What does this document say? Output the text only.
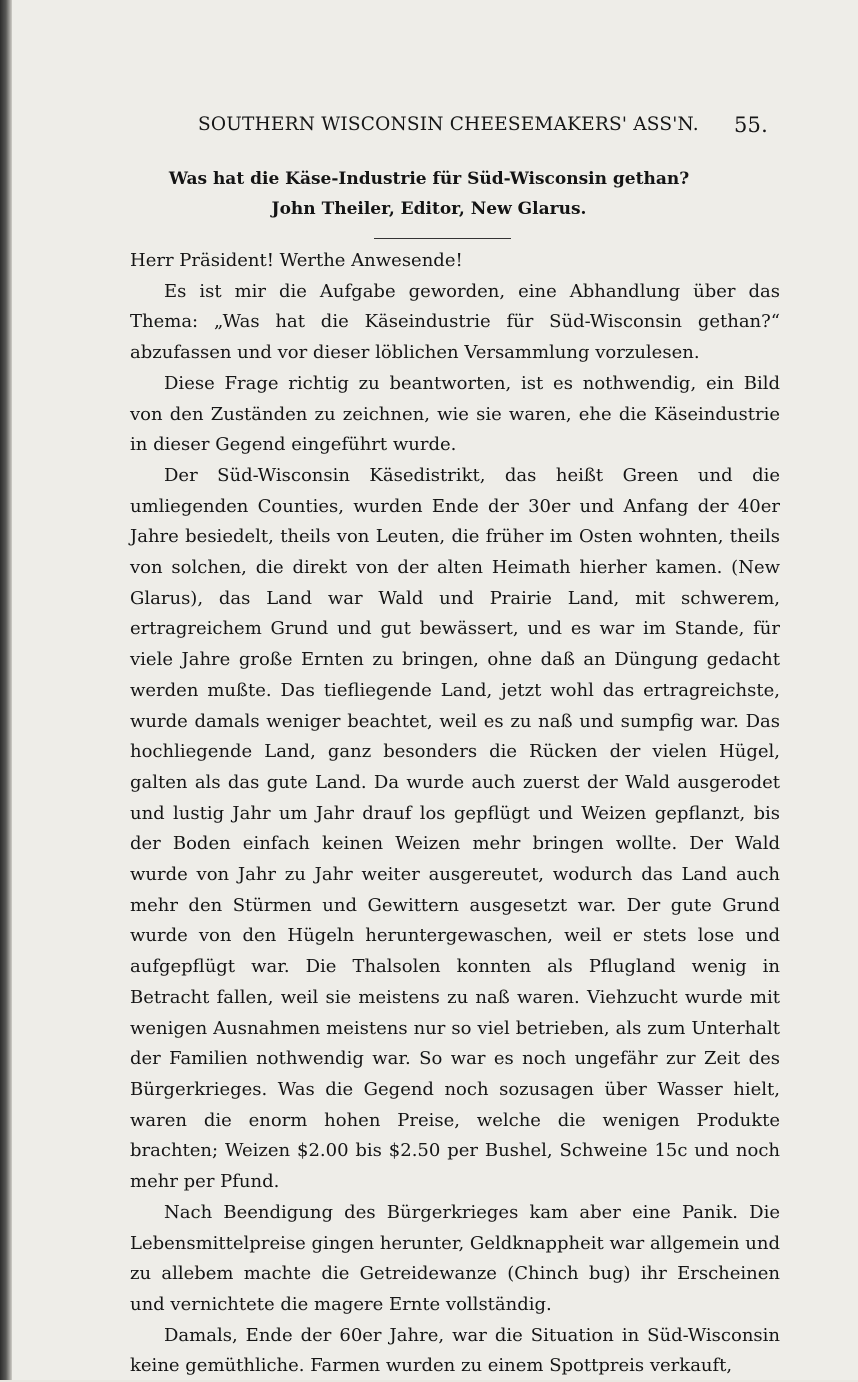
SOUTHERN WISCONSIN CHEESEMAKERS' ASS'N. 55.
Was hat die Käse-Industrie für Süd-Wisconsin gethan?
John Theiler, Editor, New Glarus.

Herr Präsident! Werthe Anwesende!

Es ist mir die Aufgabe geworden, eine Abhandlung über das Thema: „Was hat die Käseindustrie für Süd-Wisconsin gethan?“ abzufassen und vor dieser löblichen Versammlung vorzulesen.

Diese Frage richtig zu beantworten, ist es nothwendig, ein Bild von den Zuständen zu zeichnen, wie sie waren, ehe die Käseindustrie in dieser Gegend eingeführt wurde.

Der Süd-Wisconsin Käsedistrikt, das heißt Green und die umliegenden Counties, wurden Ende der 30er und Anfang der 40er Jahre besiedelt, theils von Leuten, die früher im Osten wohnten, theils von solchen, die direkt von der alten Heimath hierher kamen. (New Glarus), das Land war Wald und Prairie Land, mit schwerem, ertragreichem Grund und gut bewässert, und es war im Stande, für viele Jahre große Ernten zu bringen, ohne daß an Düngung gedacht werden mußte. Das tiefliegende Land, jetzt wohl das ertragreichste, wurde damals weniger beachtet, weil es zu naß und sumpfig war. Das hochliegende Land, ganz besonders die Rücken der vielen Hügel, galten als das gute Land. Da wurde auch zuerst der Wald ausgerodet und lustig Jahr um Jahr drauf los gepflügt und Weizen gepflanzt, bis der Boden einfach keinen Weizen mehr bringen wollte. Der Wald wurde von Jahr zu Jahr weiter ausgereutet, wodurch das Land auch mehr den Stürmen und Gewittern ausgesetzt war. Der gute Grund wurde von den Hügeln heruntergewaschen, weil er stets lose und aufgepflügt war. Die Thalsolen konnten als Pflugland wenig in Betracht fallen, weil sie meistens zu naß waren. Viehzucht wurde mit wenigen Ausnahmen meistens nur so viel betrieben, als zum Unterhalt der Familien nothwendig war. So war es noch ungefähr zur Zeit des Bürgerkrieges. Was die Gegend noch sozusagen über Wasser hielt, waren die enorm hohen Preise, welche die wenigen Produkte brachten; Weizen $2.00 bis $2.50 per Bushel, Schweine 15c und noch mehr per Pfund.

Nach Beendigung des Bürgerkrieges kam aber eine Panik. Die Lebensmittelpreise gingen herunter, Geldknappheit war allgemein und zu allebem machte die Getreidewanze (Chinch bug) ihr Erscheinen und vernichtete die magere Ernte vollständig.

Damals, Ende der 60er Jahre, war die Situation in Süd-Wisconsin keine gemüthliche. Farmen wurden zu einem Spottpreis verkauft,
